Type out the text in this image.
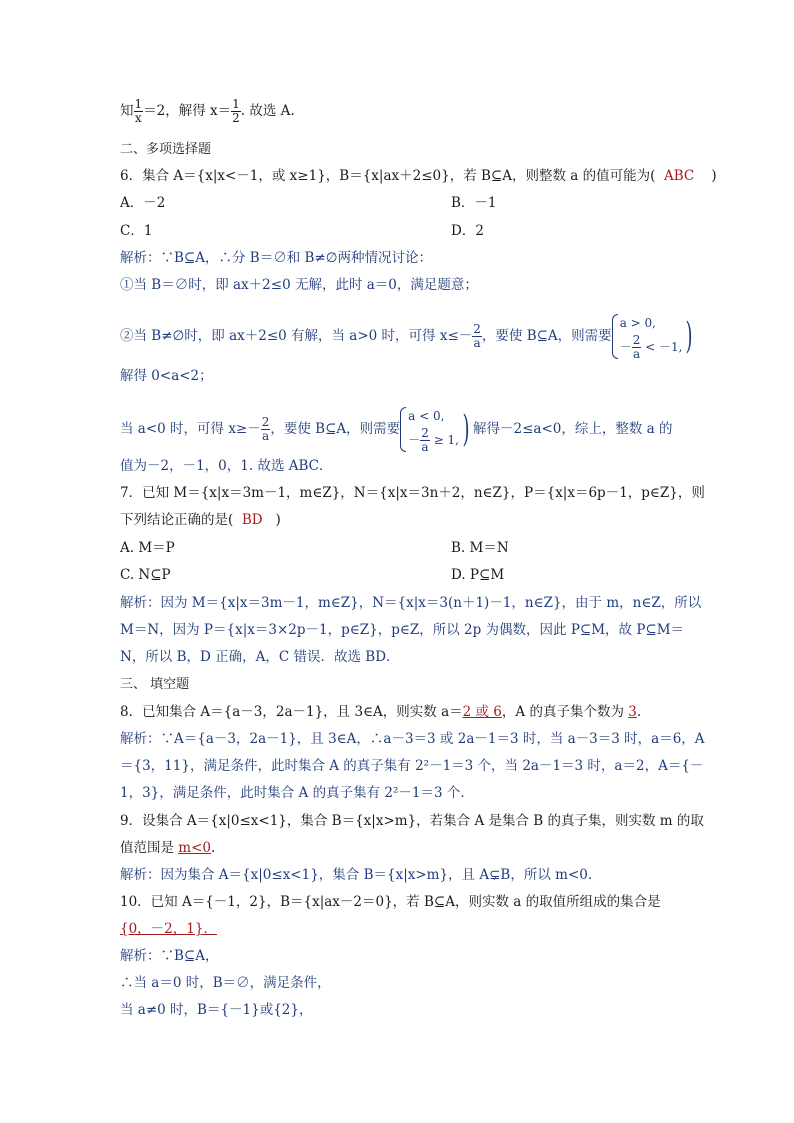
知 $\frac{1}{x} =2$，解得 $x= \frac{1}{2}$ . 故选 A.
二、多项选择题
6．集合 A＝{x|x<－1，或 x≥1}，B＝{x|ax＋2≤0}，若 B⊆A，则整数 a 的值可能为( ABC )
A．－2	B．－1
C．1	D．2
解析：∵B⊆A，∴分 B＝∅和 B≠∅两种情况讨论：
①当 B＝∅时，即 ax＋2≤0 无解，此时 a＝0，满足题意；
②当 B≠∅时，即 ax＋2≤0 有解，当 a>0 时，可得 $x\le- \frac{2}{a}$ ，要使 B⊆A，则需要
a > 0,
－ $\frac{2}{a} < -1$, )
解得 0<a<2；
当 a<0 时，可得 $x\ge- \frac{2}{a}$ ，要使 B⊆A，则需要
a < 0,
－ $\frac{2}{a} \ge 1$, ) 解得－2≤a<0，综上，整数 a 的
值为－2，－1，0，1. 故选 ABC．
7．已知 M＝{x|x＝3m－1，m∈Z}，N＝{x|x＝3n＋2，n∈Z}，P＝{x|x＝6p－1，p∈Z}，则
下列结论正确的是( BD )
A. M＝P	B. M＝N
C. N⊆P	D. P⊆M
解析：因为 M＝{x|x＝3m－1，m∈Z}，N＝{x|x＝3(n＋1)－1，n∈Z}，由于 m，n∈Z，所以
M＝N，因为 P＝{x|x＝3×2p－1，p∈Z}，p∈Z，所以 2p 为偶数，因此 P⊆M，故 P⊆M＝
N，所以 B，D 正确，A，C 错误．故选 BD．
三、 填空题
8．已知集合 A＝{a－3，2a－1}，且 3∈A，则实数 a＝2 或 6，A 的真子集个数为 3.
解析：∵A＝{a－3，2a－1}，且 3∈A，∴a－3＝3 或 2a－1＝3 时，当 a－3＝3 时，a＝6，A
＝{3，11}，满足条件，此时集合 A 的真子集有 2²－1＝3 个，当 2a－1＝3 时，a＝2，A＝{－
1，3}，满足条件，此时集合 A 的真子集有 2²－1＝3 个．
9．设集合 A＝{x|0≤x<1}，集合 B＝{x|x>m}，若集合 A 是集合 B 的真子集，则实数 m 的取
值范围是 m<0.
解析：因为集合 A＝{x|0≤x<1}，集合 B＝{x|x>m}，且 A⊊B，所以 m<0.
10．已知 A＝{－1，2}，B＝{x|ax－2＝0}，若 B⊆A，则实数 a 的取值所组成的集合是
{0，－2，1}．
解析：∵B⊆A，
∴当 a＝0 时，B＝∅，满足条件，
当 a≠0 时，B＝{－1}或{2}，
